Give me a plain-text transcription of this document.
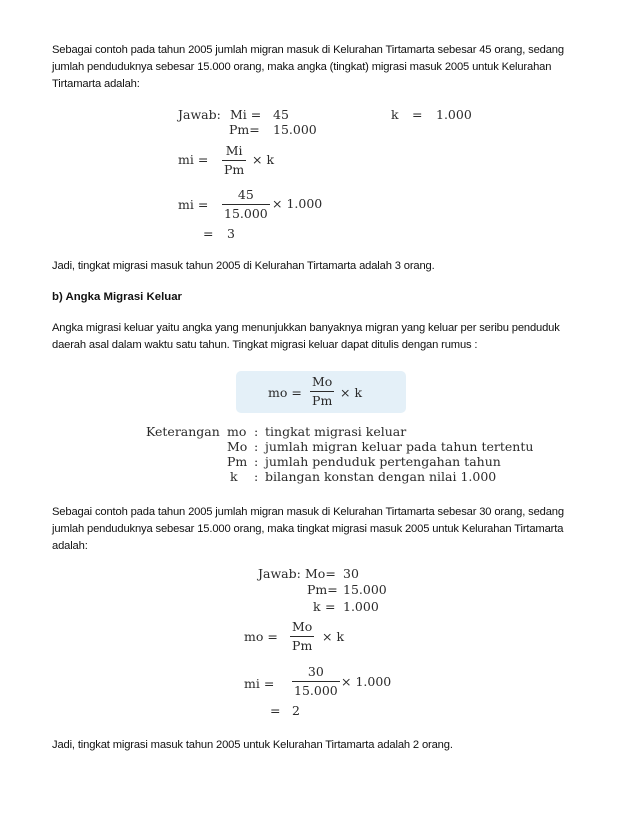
Sebagai contoh pada tahun 2005 jumlah migran masuk di Kelurahan Tirtamarta sebesar 45 orang, sedang jumlah penduduknya sebesar 15.000 orang, maka angka (tingkat) migrasi masuk 2005 untuk Kelurahan Tirtamarta adalah:

Jawab: Mi = 45
Pm= 15.000
k = 1.000
mi = $\frac{Mi}{Pm} \times k$
mi = $\frac{45}{15.000} \times 1.000$
= 3

Jadi, tingkat migrasi masuk tahun 2005 di Kelurahan Tirtamarta adalah 3 orang.

b) Angka Migrasi Keluar

Angka migrasi keluar yaitu angka yang menunjukkan banyaknya migran yang keluar per seribu penduduk daerah asal dalam waktu satu tahun. Tingkat migrasi keluar dapat ditulis dengan rumus :

mo = $\frac{Mo}{Pm} \times k$
Keterangan mo : tingkat migrasi keluar
Mo : jumlah migran keluar pada tahun tertentu
Pm : jumlah penduduk pertengahan tahun
k : bilangan konstan dengan nilai 1.000

Sebagai contoh pada tahun 2005 jumlah migran masuk di Kelurahan Tirtamarta sebesar 30 orang, sedang jumlah penduduknya sebesar 15.000 orang, maka tingkat migrasi masuk 2005 untuk Kelurahan Tirtamarta adalah:

Jawab: Mo= 30
Pm= 15.000
k = 1.000
mo = $\frac{Mo}{Pm} \times k$
mi = $\frac{30}{15.000} \times 1.000$
= 2

Jadi, tingkat migrasi masuk tahun 2005 untuk Kelurahan Tirtamarta adalah 2 orang.
